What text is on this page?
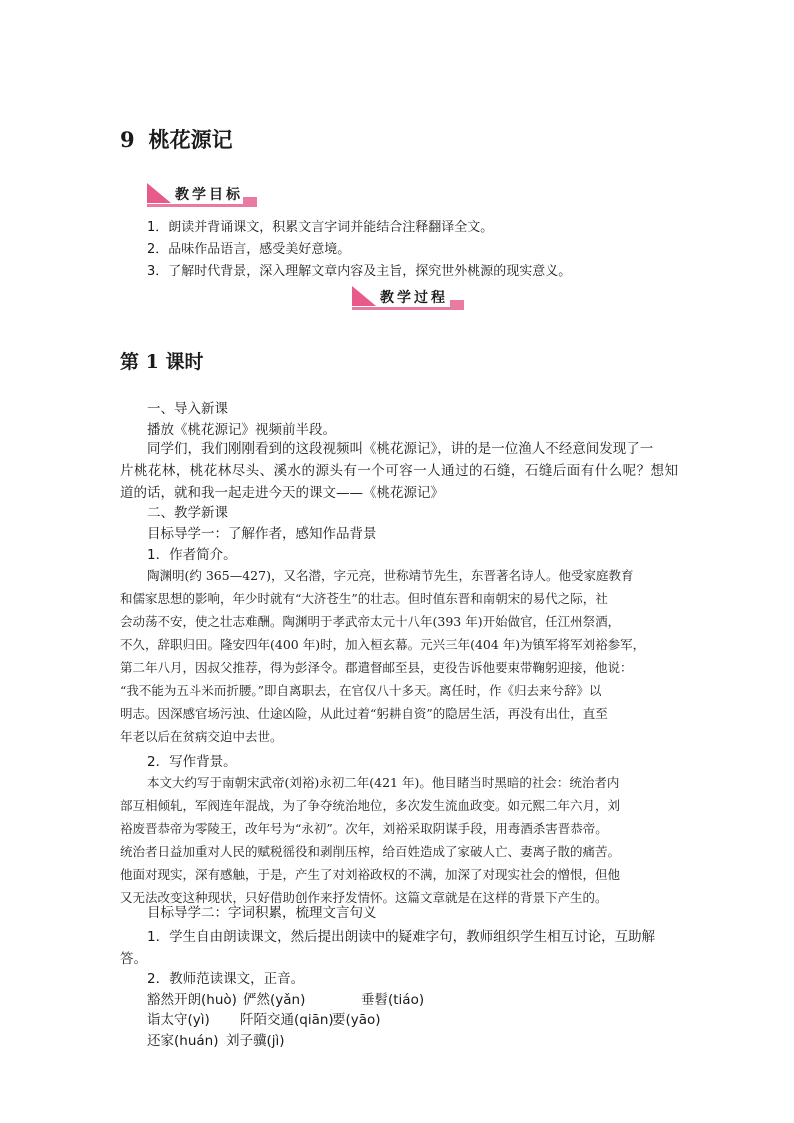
9 桃花源记
教学目标
1．朗读并背诵课文，积累文言字词并能结合注释翻译全文。
2．品味作品语言，感受美好意境。
3．了解时代背景，深入理解文章内容及主旨，探究世外桃源的现实意义。
教学过程
第 1 课时
一、导入新课
播放《桃花源记》视频前半段。
同学们，我们刚刚看到的这段视频叫《桃花源记》，讲的是一位渔人不经意间发现了一
片桃花林，桃花林尽头、溪水的源头有一个可容一人通过的石缝，石缝后面有什么呢？想知
道的话，就和我一起走进今天的课文——《桃花源记》
二、教学新课
目标导学一：了解作者，感知作品背景
1．作者简介。
陶渊明(约 365—427)，又名潜，字元亮，世称靖节先生，东晋著名诗人。他受家庭教育
和儒家思想的影响，年少时就有“大济苍生”的壮志。但时值东晋和南朝宋的易代之际，社
会动荡不安，使之壮志难酬。陶渊明于孝武帝太元十八年(393 年)开始做官，任江州祭酒，
不久，辞职归田。隆安四年(400 年)时，加入桓玄幕。元兴三年(404 年)为镇军将军刘裕参军，
第二年八月，因叔父推荐，得为彭泽令。郡遣督邮至县，吏役告诉他要束带鞠躬迎接，他说：
“我不能为五斗米而折腰。”即自离职去，在官仅八十多天。离任时，作《归去来兮辞》以
明志。因深感官场污浊、仕途凶险，从此过着“躬耕自资”的隐居生活，再没有出仕，直至
年老以后在贫病交迫中去世。
2．写作背景。
本文大约写于南朝宋武帝(刘裕)永初二年(421 年)。他目睹当时黑暗的社会：统治者内
部互相倾轧，军阀连年混战，为了争夺统治地位，多次发生流血政变。如元熙二年六月，刘
裕废晋恭帝为零陵王，改年号为“永初”。次年，刘裕采取阴谋手段，用毒酒杀害晋恭帝。
统治者日益加重对人民的赋税徭役和剥削压榨，给百姓造成了家破人亡、妻离子散的痛苦。
他面对现实，深有感触，于是，产生了对刘裕政权的不满，加深了对现实社会的憎恨，但他
又无法改变这种现状，只好借助创作来抒发情怀。这篇文章就是在这样的背景下产生的。
目标导学二：字词积累，梳理文言句义
1．学生自由朗读课文，然后提出朗读中的疑难字句，教师组织学生相互讨论，互助解
答。
2．教师范读课文，正音。
豁然开朗(huò) 俨然(yǎn)	垂髫(tiáo)
诣太守(yì) 阡陌交通(qiān)
要(yāo)
还家(huán) 刘子骥(jì)
